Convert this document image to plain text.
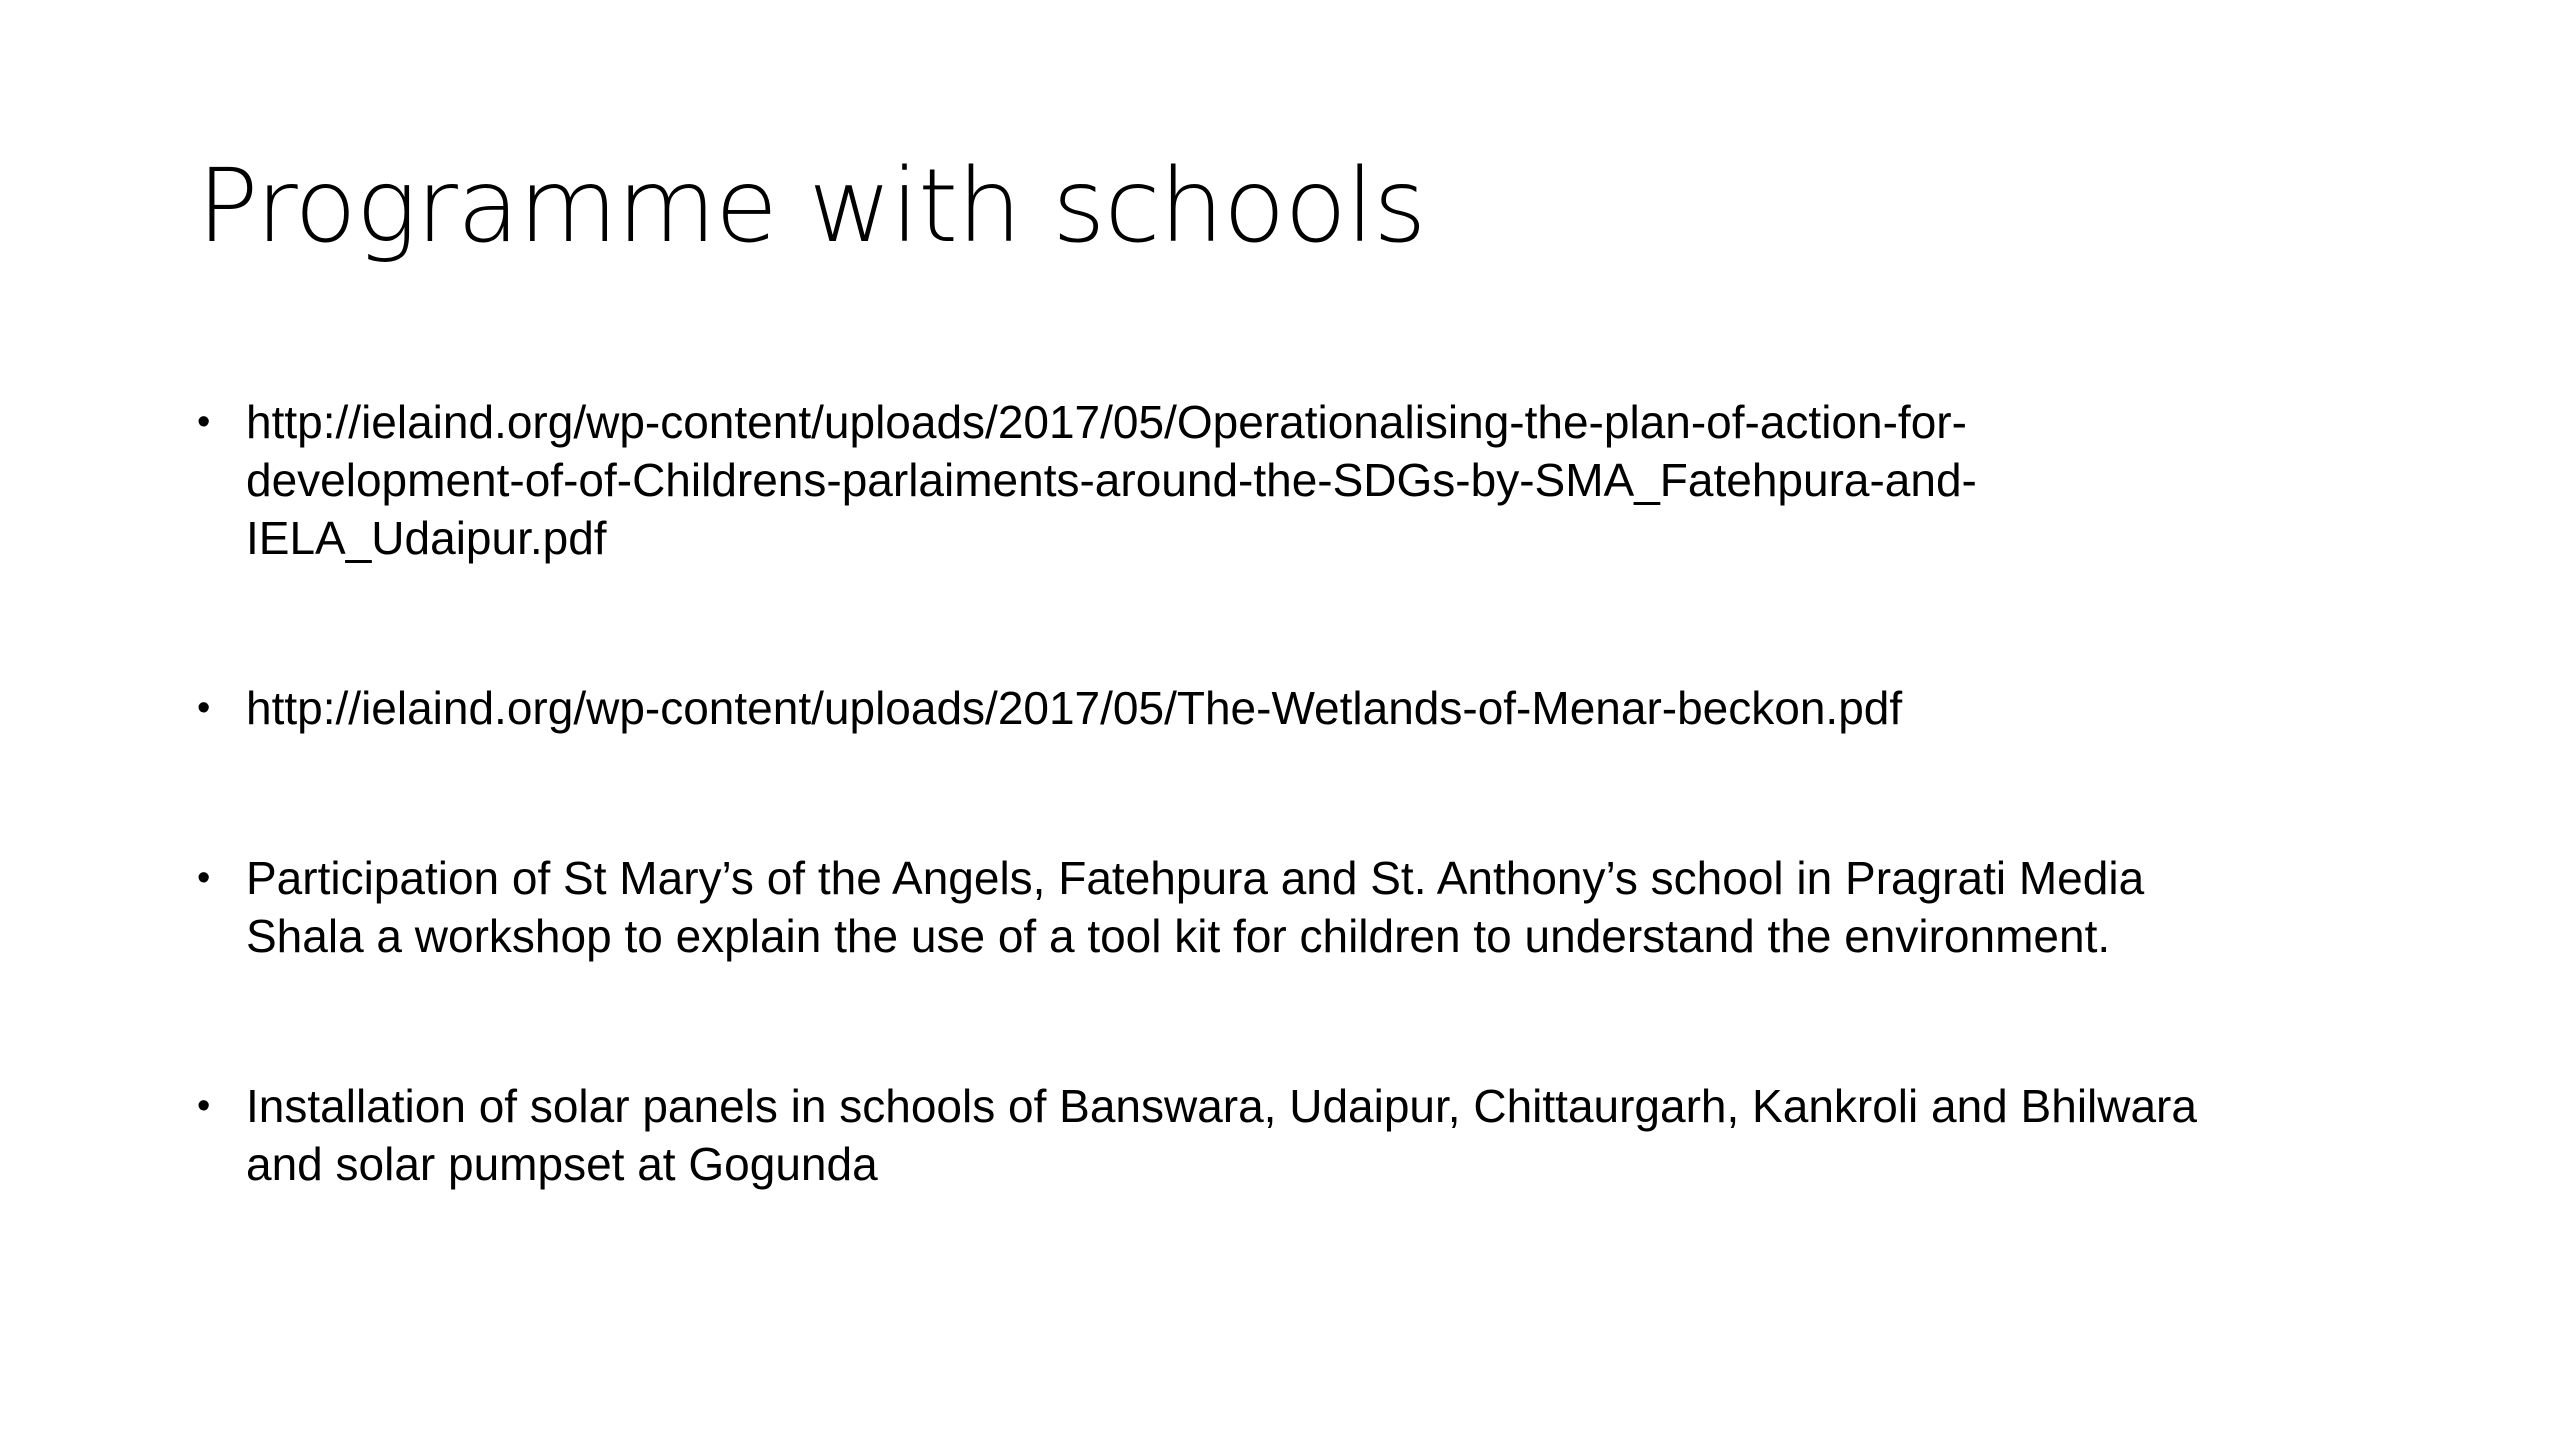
Programme with schools
• http://ielaind.org/wp-content/uploads/2017/05/Operationalising-the-plan-of-action-for-
development-of-of-Childrens-parlaiments-around-the-SDGs-by-SMA_Fatehpura-and-
IELA_Udaipur.pdf
• http://ielaind.org/wp-content/uploads/2017/05/The-Wetlands-of-Menar-beckon.pdf
• Participation of St Mary’s of the Angels, Fatehpura and St. Anthony’s school in Pragrati Media
Shala a workshop to explain the use of a tool kit for children to understand the environment.
• Installation of solar panels in schools of Banswara, Udaipur, Chittaurgarh, Kankroli and Bhilwara
and solar pumpset at Gogunda
